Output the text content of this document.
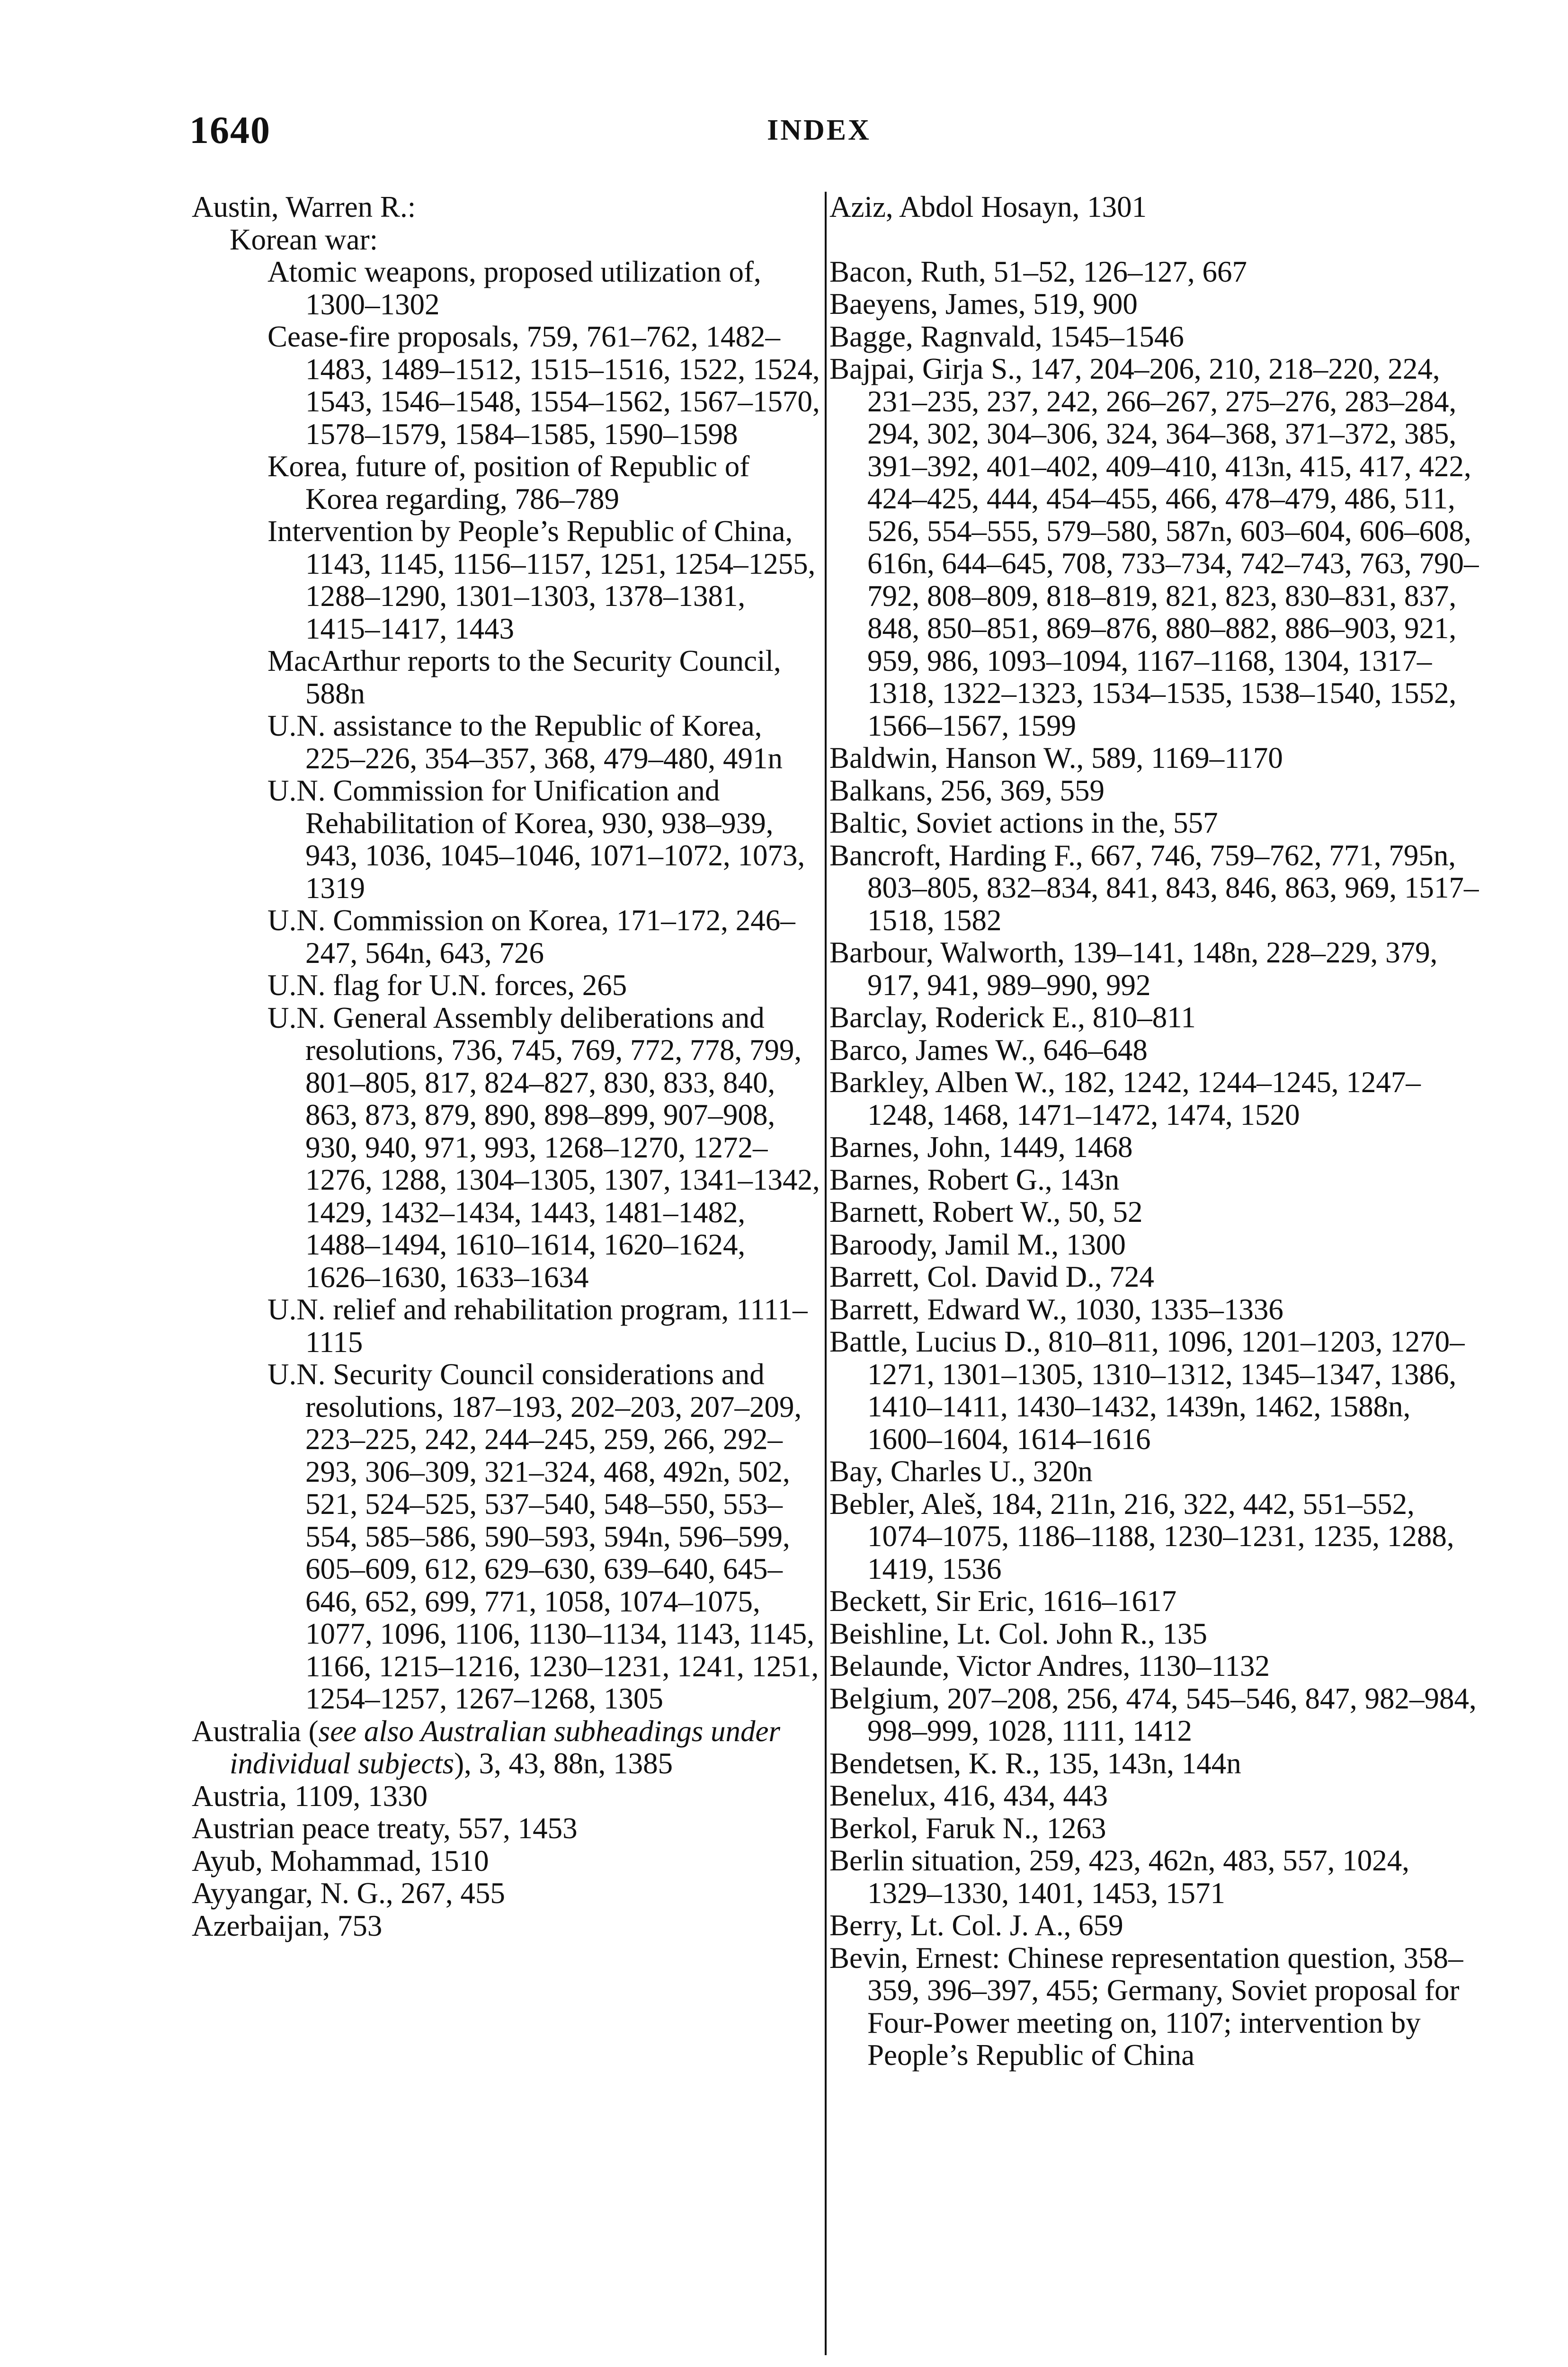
1640	INDEX

Austin, Warren R.:

Korean war:

Atomic weapons, proposed utilization of, 1300–1302

Cease-fire proposals, 759, 761–762, 1482–1483, 1489–1512, 1515–1516, 1522, 1524, 1543, 1546–1548, 1554–1562, 1567–1570, 1578–1579, 1584–1585, 1590–1598

Korea, future of, position of Republic of Korea regarding, 786–789

Intervention by People’s Republic of China, 1143, 1145, 1156–1157, 1251, 1254–1255, 1288–1290, 1301–1303, 1378–1381, 1415–1417, 1443

MacArthur reports to the Security Council, 588n

U.N. assistance to the Republic of Korea, 225–226, 354–357, 368, 479–480, 491n

U.N. Commission for Unification and Rehabilitation of Korea, 930, 938–939, 943, 1036, 1045–1046, 1071–1072, 1073, 1319

U.N. Commission on Korea, 171–172, 246–247, 564n, 643, 726

U.N. flag for U.N. forces, 265

U.N. General Assembly deliberations and resolutions, 736, 745, 769, 772, 778, 799, 801–805, 817, 824–827, 830, 833, 840, 863, 873, 879, 890, 898–899, 907–908, 930, 940, 971, 993, 1268–1270, 1272–1276, 1288, 1304–1305, 1307, 1341–1342, 1429, 1432–1434, 1443, 1481–1482, 1488–1494, 1610–1614, 1620–1624, 1626–1630, 1633–1634

U.N. relief and rehabilitation program, 1111–1115

U.N. Security Council considerations and resolutions, 187–193, 202–203, 207–209, 223–225, 242, 244–245, 259, 266, 292–293, 306–309, 321–324, 468, 492n, 502, 521, 524–525, 537–540, 548–550, 553–554, 585–586, 590–593, 594n, 596–599, 605–609, 612, 629–630, 639–640, 645–646, 652, 699, 771, 1058, 1074–1075, 1077, 1096, 1106, 1130–1134, 1143, 1145, 1166, 1215–1216, 1230–1231, 1241, 1251, 1254–1257, 1267–1268, 1305

Australia (see also Australian subheadings under individual subjects), 3, 43, 88n, 1385

Austria, 1109, 1330

Austrian peace treaty, 557, 1453

Ayub, Mohammad, 1510

Ayyangar, N. G., 267, 455

Azerbaijan, 753

Aziz, Abdol Hosayn, 1301

Bacon, Ruth, 51–52, 126–127, 667

Baeyens, James, 519, 900

Bagge, Ragnvald, 1545–1546

Bajpai, Girja S., 147, 204–206, 210, 218–220, 224, 231–235, 237, 242, 266–267, 275–276, 283–284, 294, 302, 304–306, 324, 364–368, 371–372, 385, 391–392, 401–402, 409–410, 413n, 415, 417, 422, 424–425, 444, 454–455, 466, 478–479, 486, 511, 526, 554–555, 579–580, 587n, 603–604, 606–608, 616n, 644–645, 708, 733–734, 742–743, 763, 790–792, 808–809, 818–819, 821, 823, 830–831, 837, 848, 850–851, 869–876, 880–882, 886–903, 921, 959, 986, 1093–1094, 1167–1168, 1304, 1317–1318, 1322–1323, 1534–1535, 1538–1540, 1552, 1566–1567, 1599

Baldwin, Hanson W., 589, 1169–1170

Balkans, 256, 369, 559

Baltic, Soviet actions in the, 557

Bancroft, Harding F., 667, 746, 759–762, 771, 795n, 803–805, 832–834, 841, 843, 846, 863, 969, 1517–1518, 1582

Barbour, Walworth, 139–141, 148n, 228–229, 379, 917, 941, 989–990, 992

Barclay, Roderick E., 810–811

Barco, James W., 646–648

Barkley, Alben W., 182, 1242, 1244–1245, 1247–1248, 1468, 1471–1472, 1474, 1520

Barnes, John, 1449, 1468

Barnes, Robert G., 143n

Barnett, Robert W., 50, 52

Baroody, Jamil M., 1300

Barrett, Col. David D., 724

Barrett, Edward W., 1030, 1335–1336

Battle, Lucius D., 810–811, 1096, 1201–1203, 1270–1271, 1301–1305, 1310–1312, 1345–1347, 1386, 1410–1411, 1430–1432, 1439n, 1462, 1588n, 1600–1604, 1614–1616

Bay, Charles U., 320n

Bebler, Aleš, 184, 211n, 216, 322, 442, 551–552, 1074–1075, 1186–1188, 1230–1231, 1235, 1288, 1419, 1536

Beckett, Sir Eric, 1616–1617

Beishline, Lt. Col. John R., 135

Belaunde, Victor Andres, 1130–1132

Belgium, 207–208, 256, 474, 545–546, 847, 982–984, 998–999, 1028, 1111, 1412

Bendetsen, K. R., 135, 143n, 144n

Benelux, 416, 434, 443

Berkol, Faruk N., 1263

Berlin situation, 259, 423, 462n, 483, 557, 1024, 1329–1330, 1401, 1453, 1571

Berry, Lt. Col. J. A., 659

Bevin, Ernest: Chinese representation question, 358–359, 396–397, 455; Germany, Soviet proposal for Four-Power meeting on, 1107; intervention by People’s Republic of China
